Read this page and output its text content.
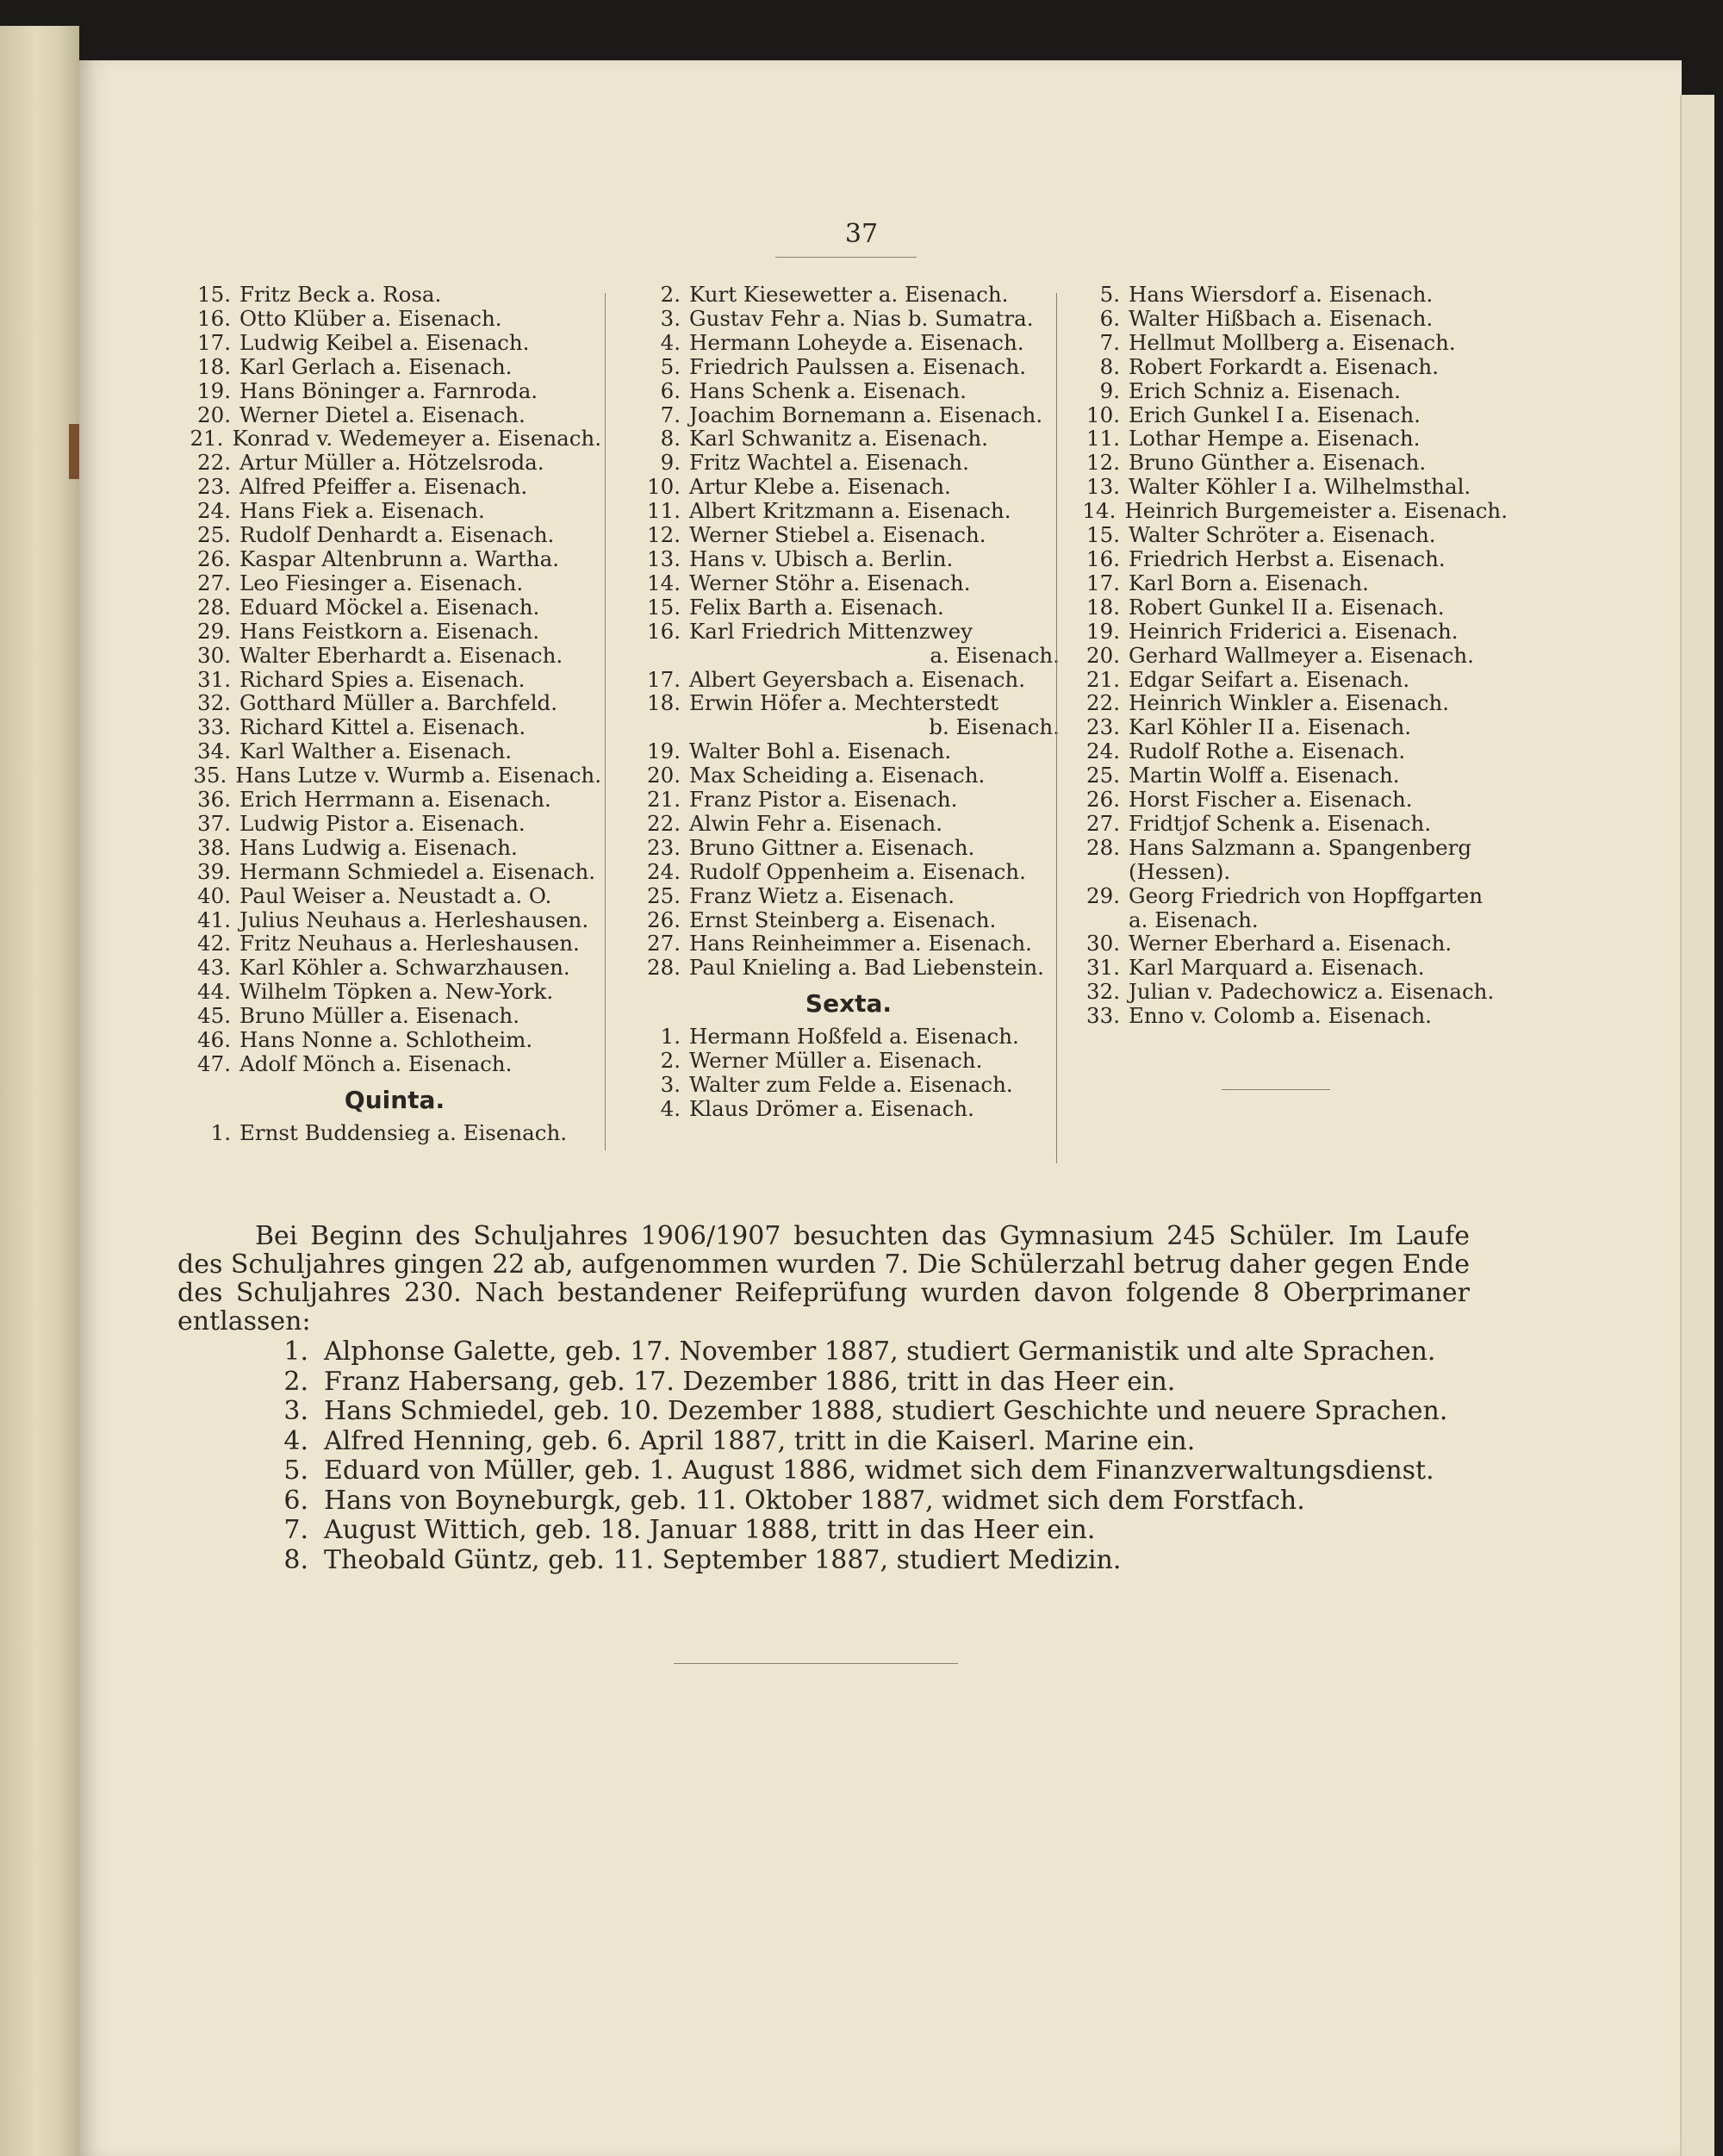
37
15. Fritz Beck a. Rosa.
16. Otto Klüber a. Eisenach.
17. Ludwig Keibel a. Eisenach.
18. Karl Gerlach a. Eisenach.
19. Hans Böninger a. Farnroda.
20. Werner Dietel a. Eisenach.
21. Konrad v. Wedemeyer a. Eisenach.
22. Artur Müller a. Hötzelsroda.
23. Alfred Pfeiffer a. Eisenach.
24. Hans Fiek a. Eisenach.
25. Rudolf Denhardt a. Eisenach.
26. Kaspar Altenbrunn a. Wartha.
27. Leo Fiesinger a. Eisenach.
28. Eduard Möckel a. Eisenach.
29. Hans Feistkorn a. Eisenach.
30. Walter Eberhardt a. Eisenach.
31. Richard Spies a. Eisenach.
32. Gotthard Müller a. Barchfeld.
33. Richard Kittel a. Eisenach.
34. Karl Walther a. Eisenach.
35. Hans Lutze v. Wurmb a. Eisenach.
36. Erich Herrmann a. Eisenach.
37. Ludwig Pistor a. Eisenach.
38. Hans Ludwig a. Eisenach.
39. Hermann Schmiedel a. Eisenach.
40. Paul Weiser a. Neustadt a. O.
41. Julius Neuhaus a. Herleshausen.
42. Fritz Neuhaus a. Herleshausen.
43. Karl Köhler a. Schwarzhausen.
44. Wilhelm Töpken a. New-York.
45. Bruno Müller a. Eisenach.
46. Hans Nonne a. Schlotheim.
47. Adolf Mönch a. Eisenach.
Quinta.
1. Ernst Buddensieg a. Eisenach.
2. Kurt Kiesewetter a. Eisenach.
3. Gustav Fehr a. Nias b. Sumatra.
4. Hermann Loheyde a. Eisenach.
5. Friedrich Paulssen a. Eisenach.
6. Hans Schenk a. Eisenach.
7. Joachim Bornemann a. Eisenach.
8. Karl Schwanitz a. Eisenach.
9. Fritz Wachtel a. Eisenach.
10. Artur Klebe a. Eisenach.
11. Albert Kritzmann a. Eisenach.
12. Werner Stiebel a. Eisenach.
13. Hans v. Ubisch a. Berlin.
14. Werner Stöhr a. Eisenach.
15. Felix Barth a. Eisenach.
16. Karl Friedrich Mittenzwey
a. Eisenach.
17. Albert Geyersbach a. Eisenach.
18. Erwin Höfer a. Mechterstedt
b. Eisenach.
19. Walter Bohl a. Eisenach.
20. Max Scheiding a. Eisenach.
21. Franz Pistor a. Eisenach.
22. Alwin Fehr a. Eisenach.
23. Bruno Gittner a. Eisenach.
24. Rudolf Oppenheim a. Eisenach.
25. Franz Wietz a. Eisenach.
26. Ernst Steinberg a. Eisenach.
27. Hans Reinheimmer a. Eisenach.
28. Paul Knieling a. Bad Liebenstein.
Sexta.
1. Hermann Hoßfeld a. Eisenach.
2. Werner Müller a. Eisenach.
3. Walter zum Felde a. Eisenach.
4. Klaus Drömer a. Eisenach.
5. Hans Wiersdorf a. Eisenach.
6. Walter Hißbach a. Eisenach.
7. Hellmut Mollberg a. Eisenach.
8. Robert Forkardt a. Eisenach.
9. Erich Schniz a. Eisenach.
10. Erich Gunkel I a. Eisenach.
11. Lothar Hempe a. Eisenach.
12. Bruno Günther a. Eisenach.
13. Walter Köhler I a. Wilhelmsthal.
14. Heinrich Burgemeister a. Eisenach.
15. Walter Schröter a. Eisenach.
16. Friedrich Herbst a. Eisenach.
17. Karl Born a. Eisenach.
18. Robert Gunkel II a. Eisenach.
19. Heinrich Friderici a. Eisenach.
20. Gerhard Wallmeyer a. Eisenach.
21. Edgar Seifart a. Eisenach.
22. Heinrich Winkler a. Eisenach.
23. Karl Köhler II a. Eisenach.
24. Rudolf Rothe a. Eisenach.
25. Martin Wolff a. Eisenach.
26. Horst Fischer a. Eisenach.
27. Fridtjof Schenk a. Eisenach.
28. Hans Salzmann a. Spangenberg
(Hessen).
29. Georg Friedrich von Hopffgarten
a. Eisenach.
30. Werner Eberhard a. Eisenach.
31. Karl Marquard a. Eisenach.
32. Julian v. Padechowicz a. Eisenach.
33. Enno v. Colomb a. Eisenach.

Bei Beginn des Schuljahres 1906/1907 besuchten das Gymnasium 245 Schüler. Im Laufe des Schuljahres gingen 22 ab, aufgenommen wurden 7. Die Schülerzahl betrug daher gegen Ende des Schuljahres 230. Nach bestandener Reifeprüfung wurden davon folgende 8 Oberprimaner entlassen:

1. Alphonse Galette, geb. 17. November 1887, studiert Germanistik und alte Sprachen.
2. Franz Habersang, geb. 17. Dezember 1886, tritt in das Heer ein.
3. Hans Schmiedel, geb. 10. Dezember 1888, studiert Geschichte und neuere Sprachen.
4. Alfred Henning, geb. 6. April 1887, tritt in die Kaiserl. Marine ein.
5. Eduard von Müller, geb. 1. August 1886, widmet sich dem Finanzverwaltungsdienst.
6. Hans von Boyneburgk, geb. 11. Oktober 1887, widmet sich dem Forstfach.
7. August Wittich, geb. 18. Januar 1888, tritt in das Heer ein.
8. Theobald Güntz, geb. 11. September 1887, studiert Medizin.
